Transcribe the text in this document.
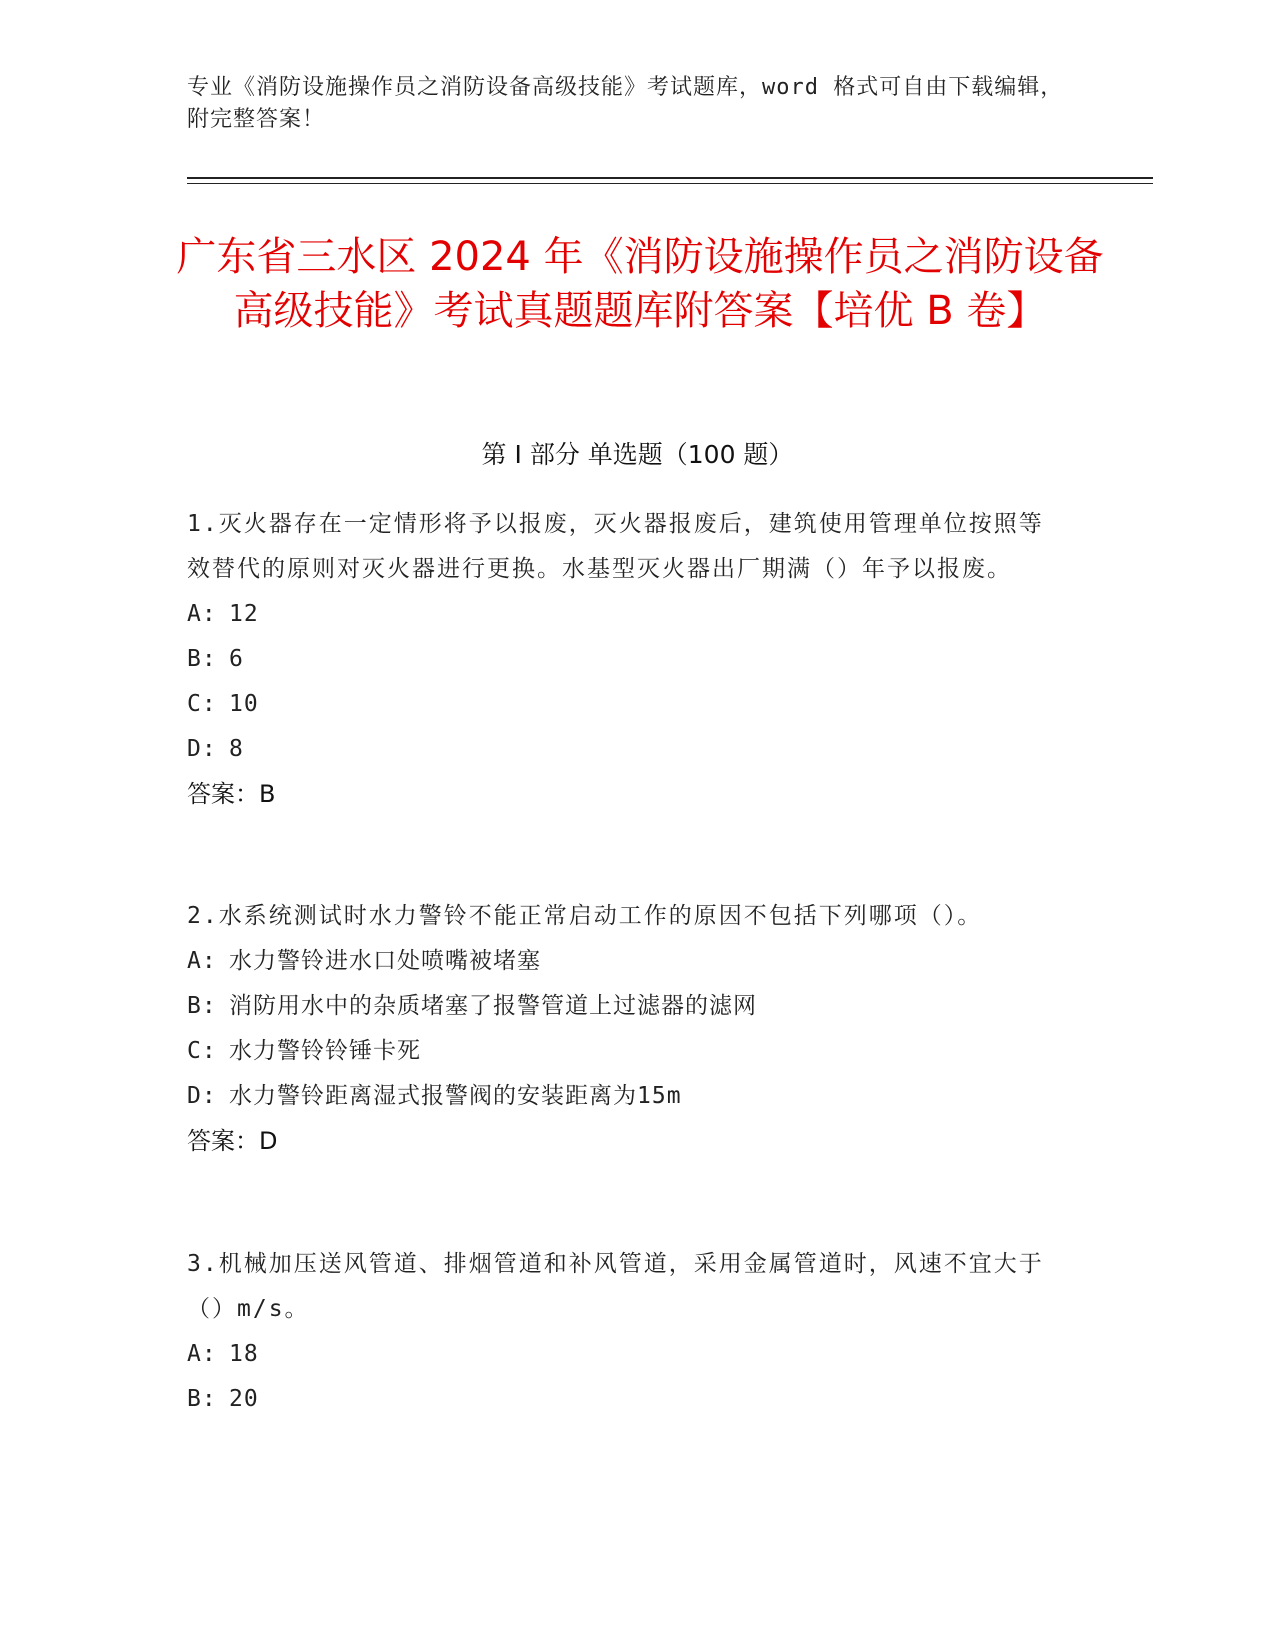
专业《消防设施操作员之消防设备高级技能》考试题库，word 格式可自由下载编辑，附完整答案！
广东省三水区 2024 年《消防设施操作员之消防设备高级技能》考试真题题库附答案【培优 B 卷】
第 I 部分 单选题（100 题）
1.灭火器存在一定情形将予以报废，灭火器报废后，建筑使用管理单位按照等效替代的原则对灭火器进行更换。水基型灭火器出厂期满（）年予以报废。
A: 12
B: 6
C: 10
D: 8
答案：B
2.水系统测试时水力警铃不能正常启动工作的原因不包括下列哪项（）。
A: 水力警铃进水口处喷嘴被堵塞
B: 消防用水中的杂质堵塞了报警管道上过滤器的滤网
C: 水力警铃铃锤卡死
D: 水力警铃距离湿式报警阀的安装距离为15m
答案：D
3.机械加压送风管道、排烟管道和补风管道，采用金属管道时，风速不宜大于（）m/s。
A: 18
B: 20
